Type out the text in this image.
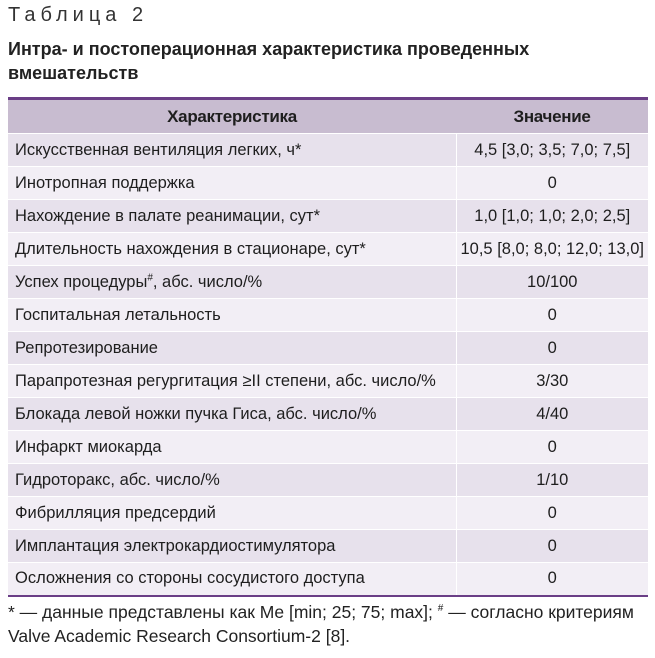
Таблица 2
Интра- и постоперационная характеристика проведенных вмешательств
Характеристика	Значение
Искусственная вентиляция легких, ч*	4,5 [3,0; 3,5; 7,0; 7,5]
Инотропная поддержка	0
Нахождение в палате реанимации, сут*	1,0 [1,0; 1,0; 2,0; 2,5]
Длительность нахождения в стационаре, сут*	10,5 [8,0; 8,0; 12,0; 13,0]
Успех процедуры#, абс. число/%	10/100
Госпитальная летальность	0
Репротезирование	0
Парапротезная регургитация ≥II степени, абс. число/%	3/30
Блокада левой ножки пучка Гиса, абс. число/%	4/40
Инфаркт миокарда	0
Гидроторакс, абс. число/%	1/10
Фибрилляция предсердий	0
Имплантация электрокардиостимулятора	0
Осложнения со стороны сосудистого доступа	0
* — данные представлены как Me [min; 25; 75; max]; # — согласно критериям Valve Academic Research Consortium-2 [8].
